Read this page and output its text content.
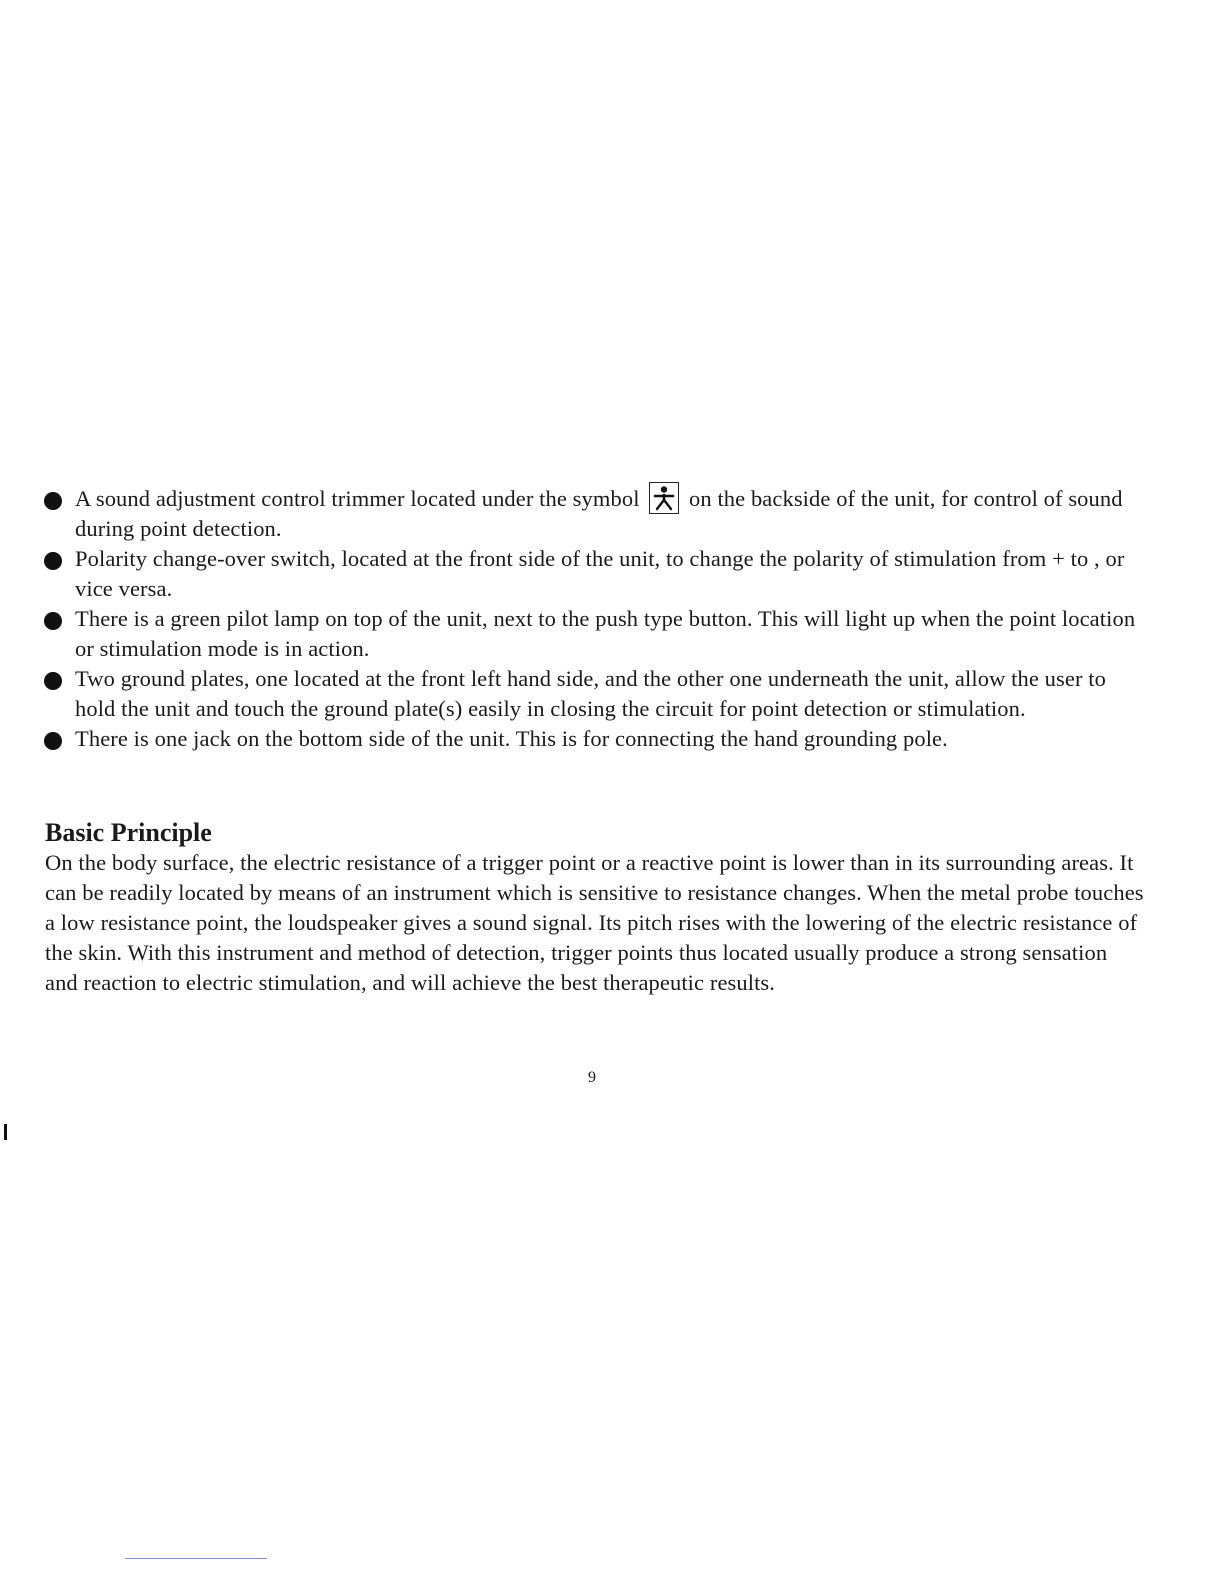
A sound adjustment control trimmer located under the symbol on the backside of the unit, for control of sound during point detection.
Polarity change-over switch, located at the front side of the unit, to change the polarity of stimulation from + to , or vice versa.
There is a green pilot lamp on top of the unit, next to the push type button. This will light up when the point location or stimulation mode is in action.
Two ground plates, one located at the front left hand side, and the other one underneath the unit, allow the user to hold the unit and touch the ground plate(s) easily in closing the circuit for point detection or stimulation.
There is one jack on the bottom side of the unit. This is for connecting the hand grounding pole.
Basic Principle

On the body surface, the electric resistance of a trigger point or a reactive point is lower than in its surrounding areas. It can be readily located by means of an instrument which is sensitive to resistance changes. When the metal probe touches a low resistance point, the loudspeaker gives a sound signal. Its pitch rises with the lowering of the electric resistance of the skin. With this instrument and method of detection, trigger points thus located usually produce a strong sensation and reaction to electric stimulation, and will achieve the best therapeutic results.

9
